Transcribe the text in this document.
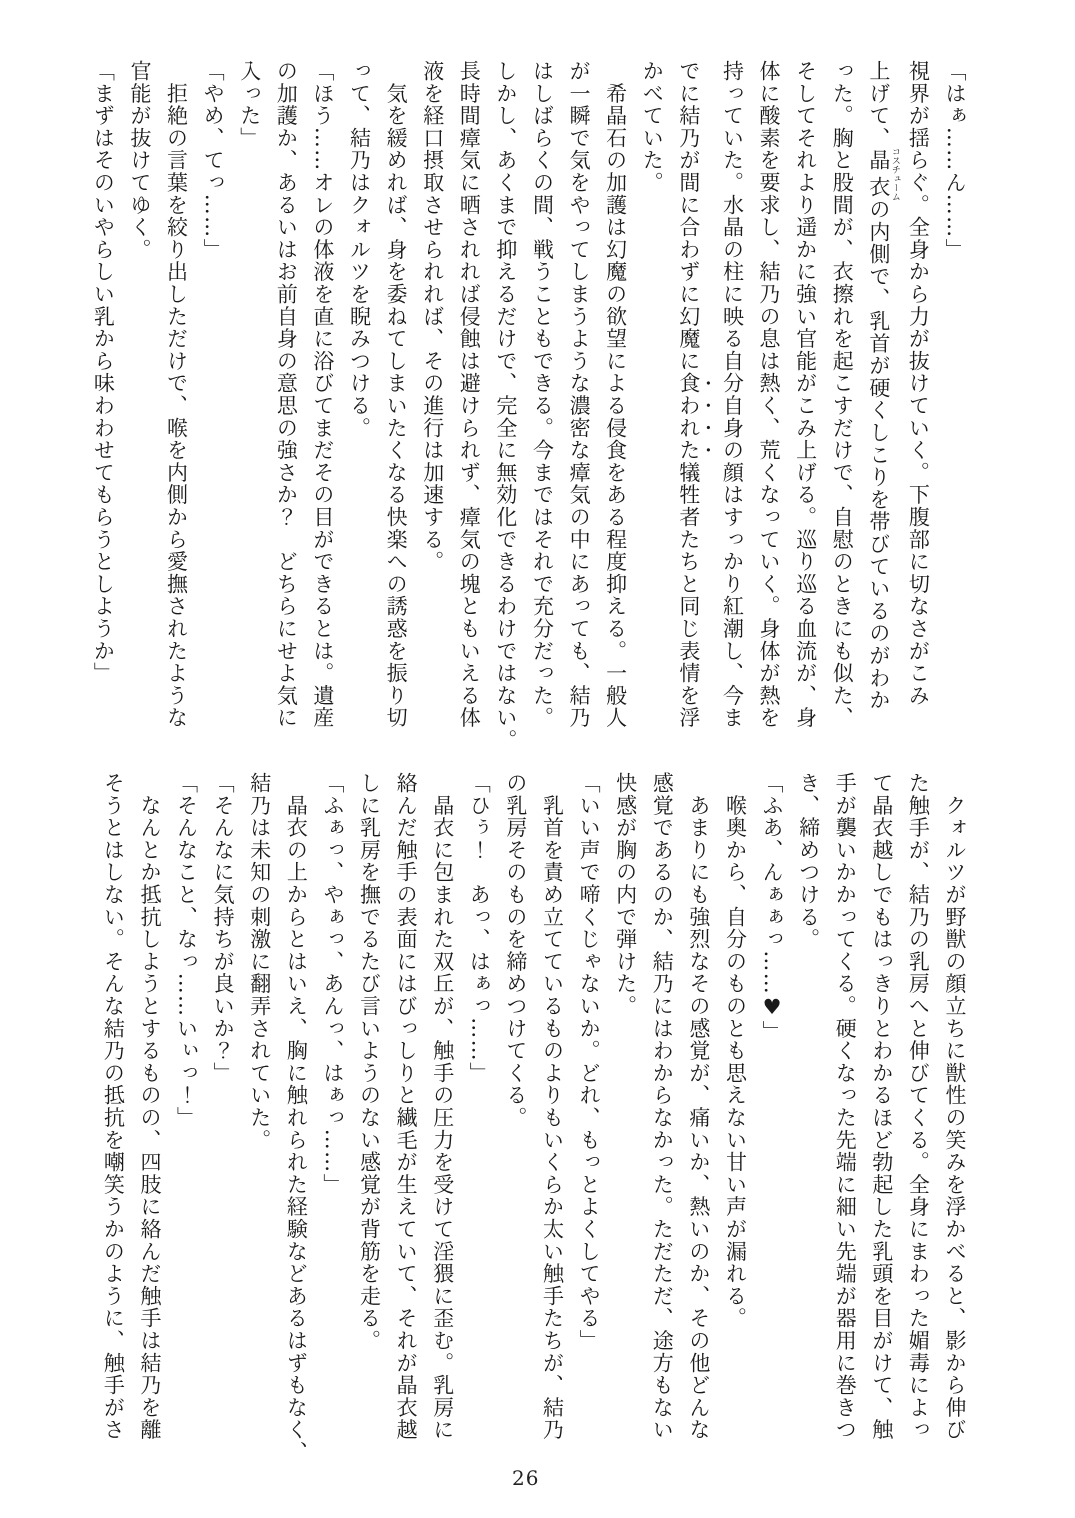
「はぁ……ん……」

視界が揺らぐ。全身から力が抜けていく。下腹部に切なさがこみ

上げて、晶衣 コスチュームの内側で、乳首が硬くしこりを帯びているのがわか

った。胸と股間が、衣擦れを起こすだけで、自慰のときにも似た、

そしてそれより遥かに強い官能がこみ上げる。巡り巡る血流が、身

体に酸素を要求し、結乃の息は熱く、荒くなっていく。身体が熱を

持っていた。水晶の柱に映る自分自身の顔はすっかり紅潮し、今ま

でに結乃が間に合わずに幻魔に食われた犠牲者たちと同じ表情を浮

かべていた。

　希晶石の加護は幻魔の欲望による侵食をある程度抑える。一般人

が一瞬で気をやってしまうような濃密な瘴気の中にあっても、結乃

はしばらくの間、戦うこともできる。今まではそれで充分だった。

しかし、あくまで抑えるだけで、完全に無効化できるわけではない。

長時間瘴気に晒されれば侵蝕は避けられず、瘴気の塊ともいえる体

液を経口摂取させられれば、その進行は加速する。

　気を緩めれば、身を委ねてしまいたくなる快楽への誘惑を振り切

って、結乃はクォルツを睨みつける。

「ほう……オレの体液を直に浴びてまだその目ができるとは。遺産

の加護か、あるいはお前自身の意思の強さか？　どちらにせよ気に

入った」

「やめ、てっ……」

　拒絶の言葉を絞り出しただけで、喉を内側から愛撫されたような

官能が抜けてゆく。

「まずはそのいやらしい乳から味わわせてもらうとしようか」

　クォルツが野獣の顔立ちに獣性の笑みを浮かべると、影から伸び

た触手が、結乃の乳房へと伸びてくる。全身にまわった媚毒によっ

て晶衣越しでもはっきりとわかるほど勃起した乳頭を目がけて、触

手が襲いかかってくる。硬くなった先端に細い先端が器用に巻きつ

き、締めつける。

「ふあ、んぁぁっ……♥」

　喉奥から、自分のものとも思えない甘い声が漏れる。

　あまりにも強烈なその感覚が、痛いか、熱いのか、その他どんな

感覚であるのか、結乃にはわからなかった。ただただ、途方もない

快感が胸の内で弾けた。

「いい声で啼くじゃないか。どれ、もっとよくしてやる」

　乳首を責め立てているものよりもいくらか太い触手たちが、結乃

の乳房そのものを締めつけてくる。

「ひぅ！　あっ、はぁっ……」

　晶衣に包まれた双丘が、触手の圧力を受けて淫猥に歪む。乳房に

絡んだ触手の表面にはびっしりと繊毛が生えていて、それが晶衣越

しに乳房を撫でるたび言いようのない感覚が背筋を走る。

「ふぁっ、やぁっ、あんっ、はぁっ……」

　晶衣の上からとはいえ、胸に触れられた経験などあるはずもなく、

結乃は未知の刺激に翻弄されていた。

「そんなに気持ちが良いか？」

「そんなこと、なっ……いぃっ！」

　なんとか抵抗しようとするものの、四肢に絡んだ触手は結乃を離

そうとはしない。そんな結乃の抵抗を嘲笑うかのように、触手がさ

26
